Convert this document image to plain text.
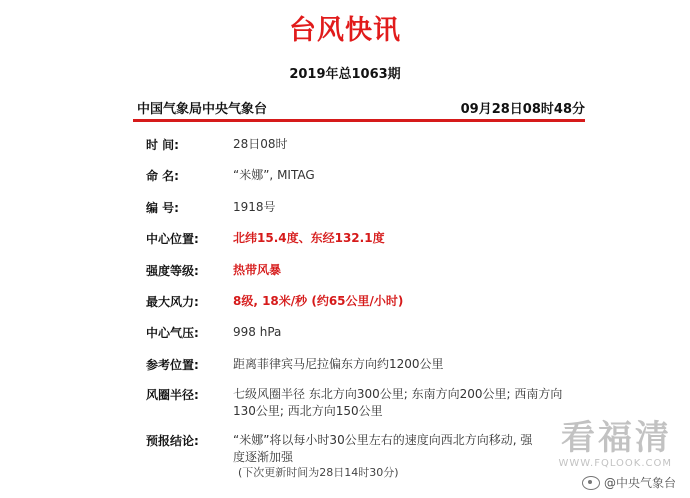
台风快讯
2019年总1063期
中国气象局中央气象台	09月28日08时48分
时 间:	28日08时
命 名:	“米娜”, MITAG
编 号:	1918号
中心位置:	北纬15.4度、东经132.1度
强度等级:	热带风暴
最大风力:	8级, 18米/秒 (约65公里/小时)
中心气压:	998 hPa
参考位置:	距离菲律宾马尼拉偏东方向约1200公里
风圈半径:	七级风圈半径 东北方向300公里; 东南方向200公里; 西南方向130公里; 西北方向150公里
预报结论:	“米娜”将以每小时30公里左右的速度向西北方向移动, 强度逐渐加强
(下次更新时间为28日14时30分)
看福清
WWW.FQLOOK.COM
@中央气象台
